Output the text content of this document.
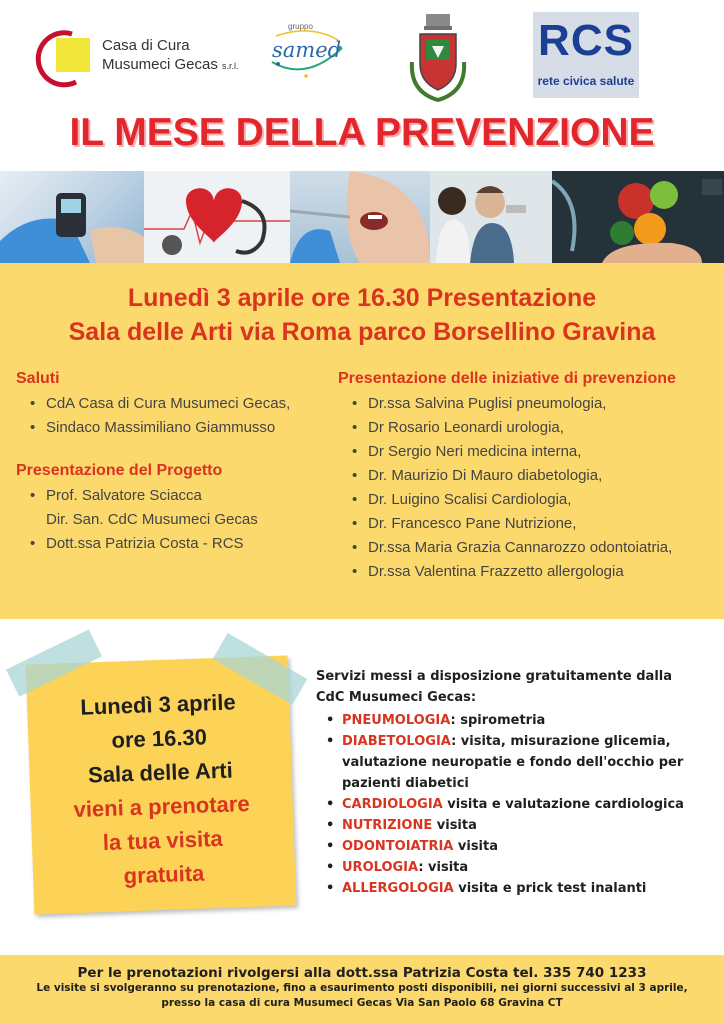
Casa di Cura
Musumeci Gecas s.r.l.
gruppo
samed	RCS
rete civica salute
IL MESE DELLA PREVENZIONE
Lunedì 3 aprile ore 16.30 Presentazione
Sala delle Arti via Roma parco Borsellino Gravina
Saluti
• CdA Casa di Cura Musumeci Gecas,
• Sindaco Massimiliano Giammusso
Presentazione del Progetto
• Prof. Salvatore Sciacca
Dir. San. CdC Musumeci Gecas
• Dott.ssa Patrizia Costa - RCS
Presentazione delle iniziative di prevenzione
• Dr.ssa Salvina Puglisi pneumologia,
• Dr Rosario Leonardi urologia,
• Dr Sergio Neri medicina interna,
• Dr. Maurizio Di Mauro diabetologia,
• Dr. Luigino Scalisi Cardiologia,
• Dr. Francesco Pane Nutrizione,
• Dr.ssa Maria Grazia Cannarozzo odontoiatria,
• Dr.ssa Valentina Frazzetto allergologia
Lunedì 3 aprile
ore 16.30
Sala delle Arti
vieni a prenotare
la tua visita
gratuita
Servizi messi a disposizione gratuitamente dalla
CdC Musumeci Gecas:
• PNEUMOLOGIA: spirometria
• DIABETOLOGIA: visita, misurazione glicemia, valutazione neuropatie e fondo dell'occhio per pazienti diabetici
• CARDIOLOGIA visita e valutazione cardiologica
• NUTRIZIONE visita
• ODONTOIATRIA visita
• UROLOGIA: visita
• ALLERGOLOGIA visita e prick test inalanti
Per le prenotazioni rivolgersi alla dott.ssa Patrizia Costa tel. 335 740 1233
Le visite si svolgeranno su prenotazione, fino a esaurimento posti disponibili, nei giorni successivi al 3 aprile,
presso la casa di cura Musumeci Gecas Via San Paolo 68 Gravina CT
